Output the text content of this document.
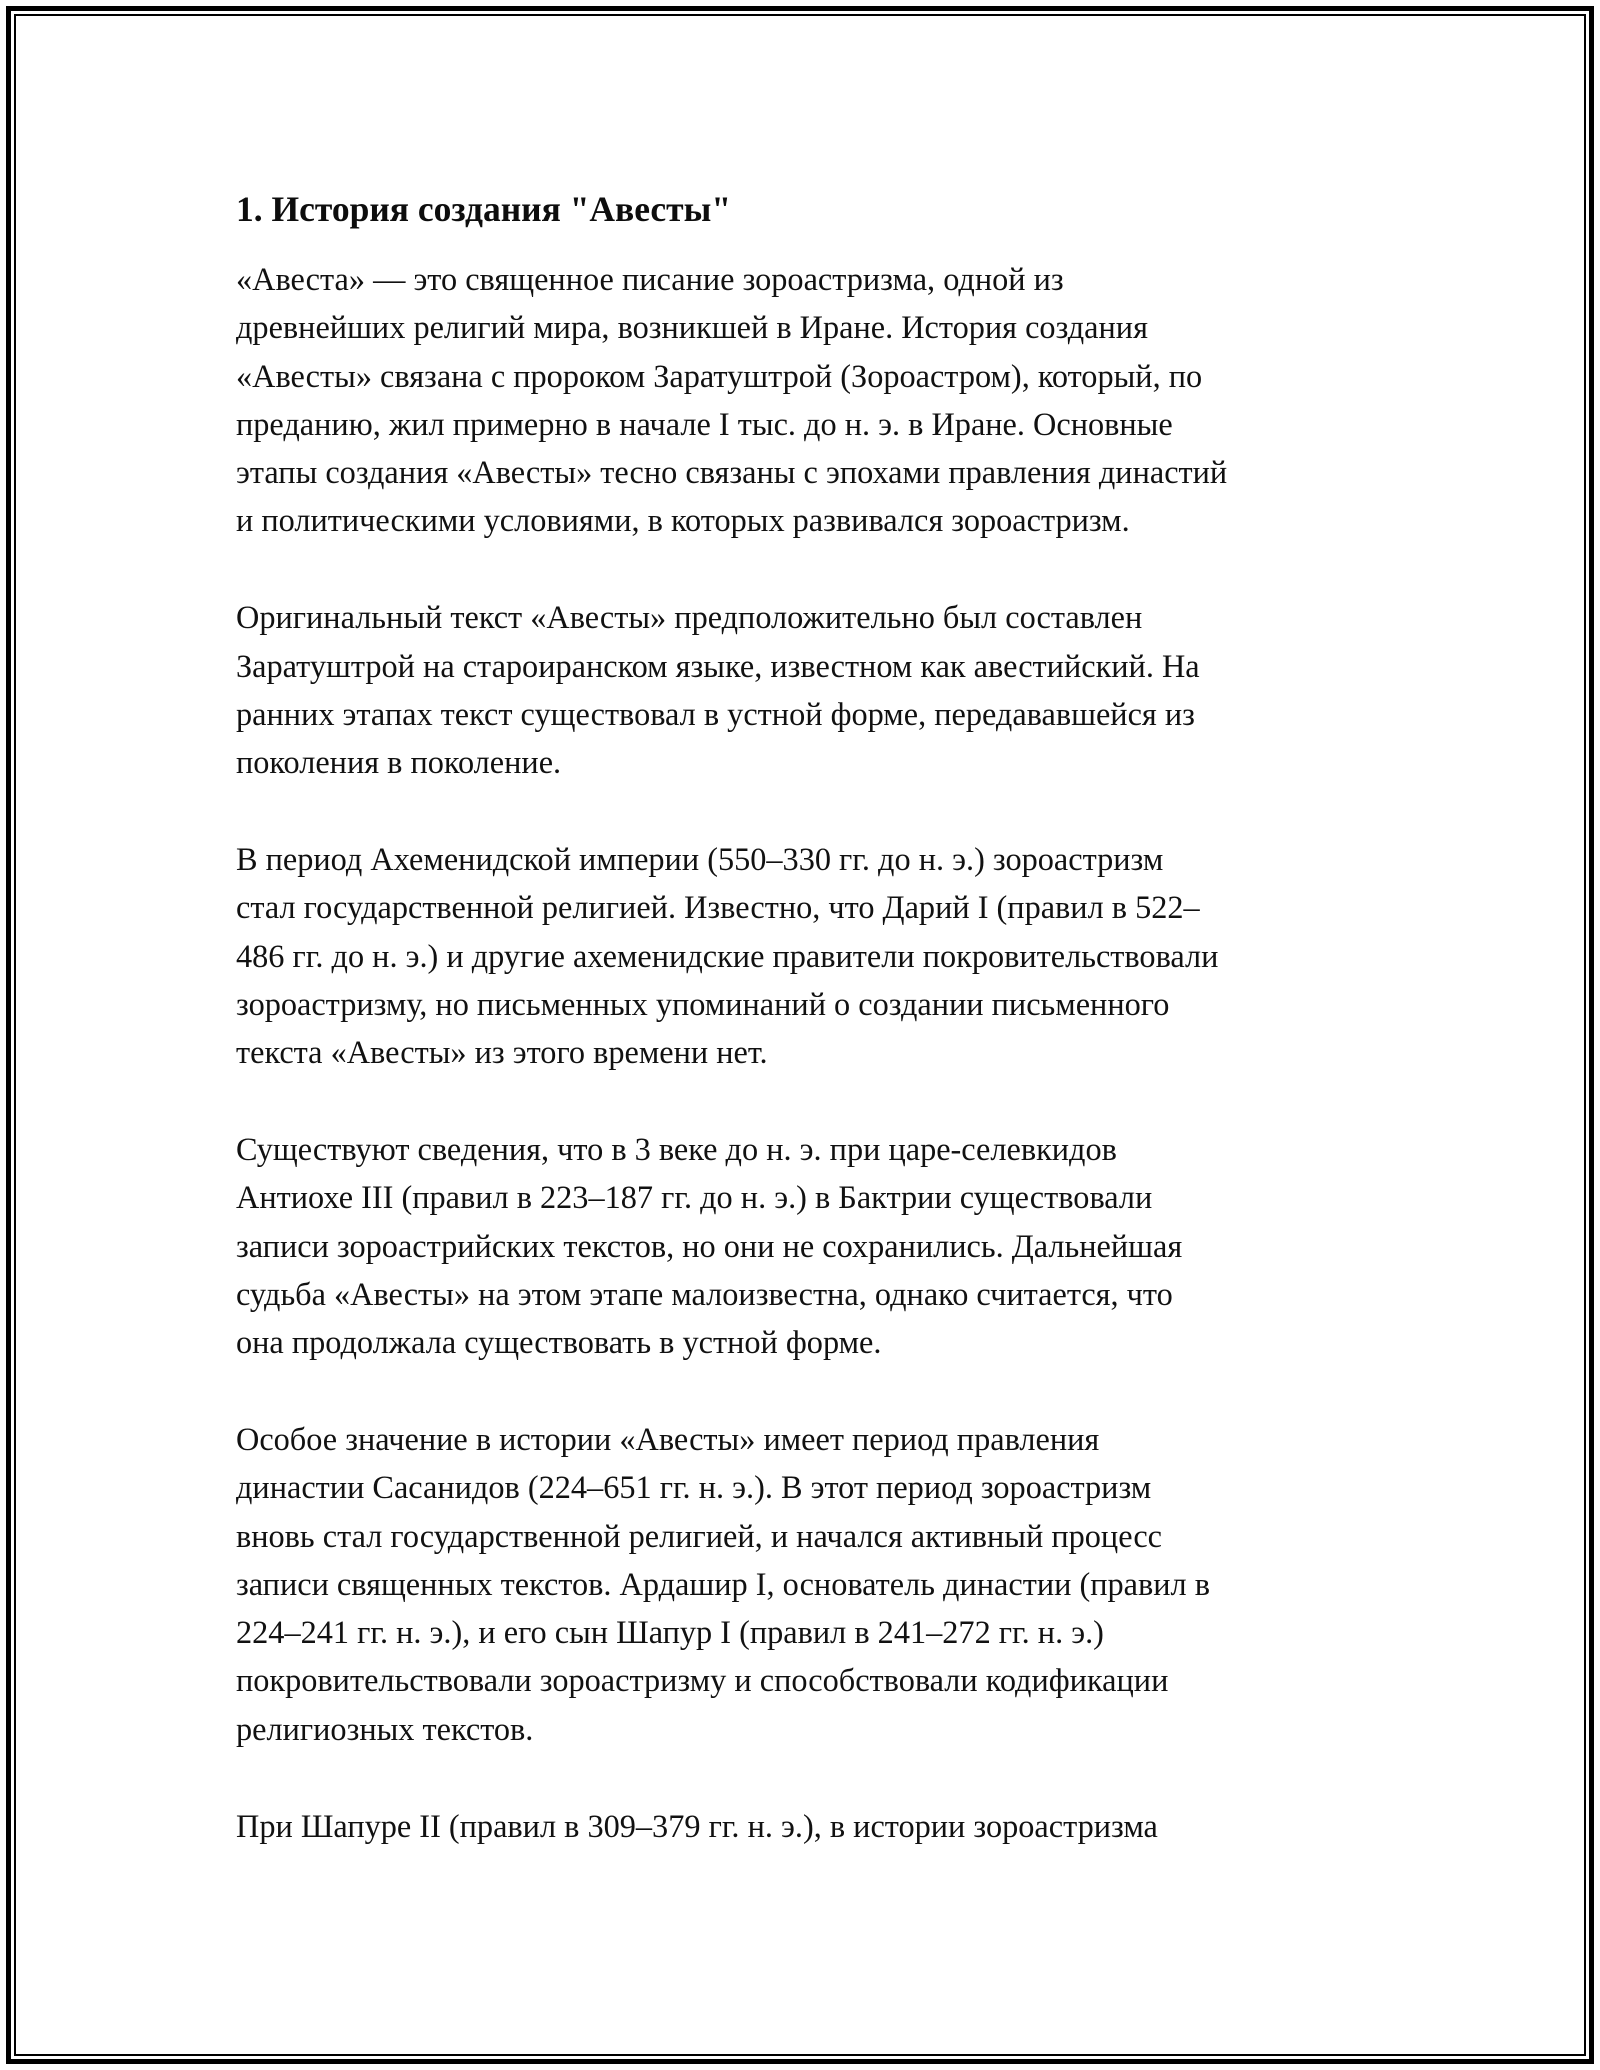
1. История создания "Авесты"

«Авеста» — это священное писание зороастризма, одной из
древнейших религий мира, возникшей в Иране. История создания
«Авесты» связана с пророком Заратуштрой (Зороастром), который, по
преданию, жил примерно в начале I тыс. до н. э. в Иране. Основные
этапы создания «Авесты» тесно связаны с эпохами правления династий
и политическими условиями, в которых развивался зороастризм.

Оригинальный текст «Авесты» предположительно был составлен
Заратуштрой на староиранском языке, известном как авестийский. На
ранних этапах текст существовал в устной форме, передававшейся из
поколения в поколение.

В период Ахеменидской империи (550–330 гг. до н. э.) зороастризм
стал государственной религией. Известно, что Дарий I (правил в 522–
486 гг. до н. э.) и другие ахеменидские правители покровительствовали
зороастризму, но письменных упоминаний о создании письменного
текста «Авесты» из этого времени нет.

Существуют сведения, что в 3 веке до н. э. при царе-селевкидов
Антиохе III (правил в 223–187 гг. до н. э.) в Бактрии существовали
записи зороастрийских текстов, но они не сохранились. Дальнейшая
судьба «Авесты» на этом этапе малоизвестна, однако считается, что
она продолжала существовать в устной форме.

Особое значение в истории «Авесты» имеет период правления
династии Сасанидов (224–651 гг. н. э.). В этот период зороастризм
вновь стал государственной религией, и начался активный процесс
записи священных текстов. Ардашир I, основатель династии (правил в
224–241 гг. н. э.), и его сын Шапур I (правил в 241–272 гг. н. э.)
покровительствовали зороастризму и способствовали кодификации
религиозных текстов.

При Шапуре II (правил в 309–379 гг. н. э.), в истории зороастризма
